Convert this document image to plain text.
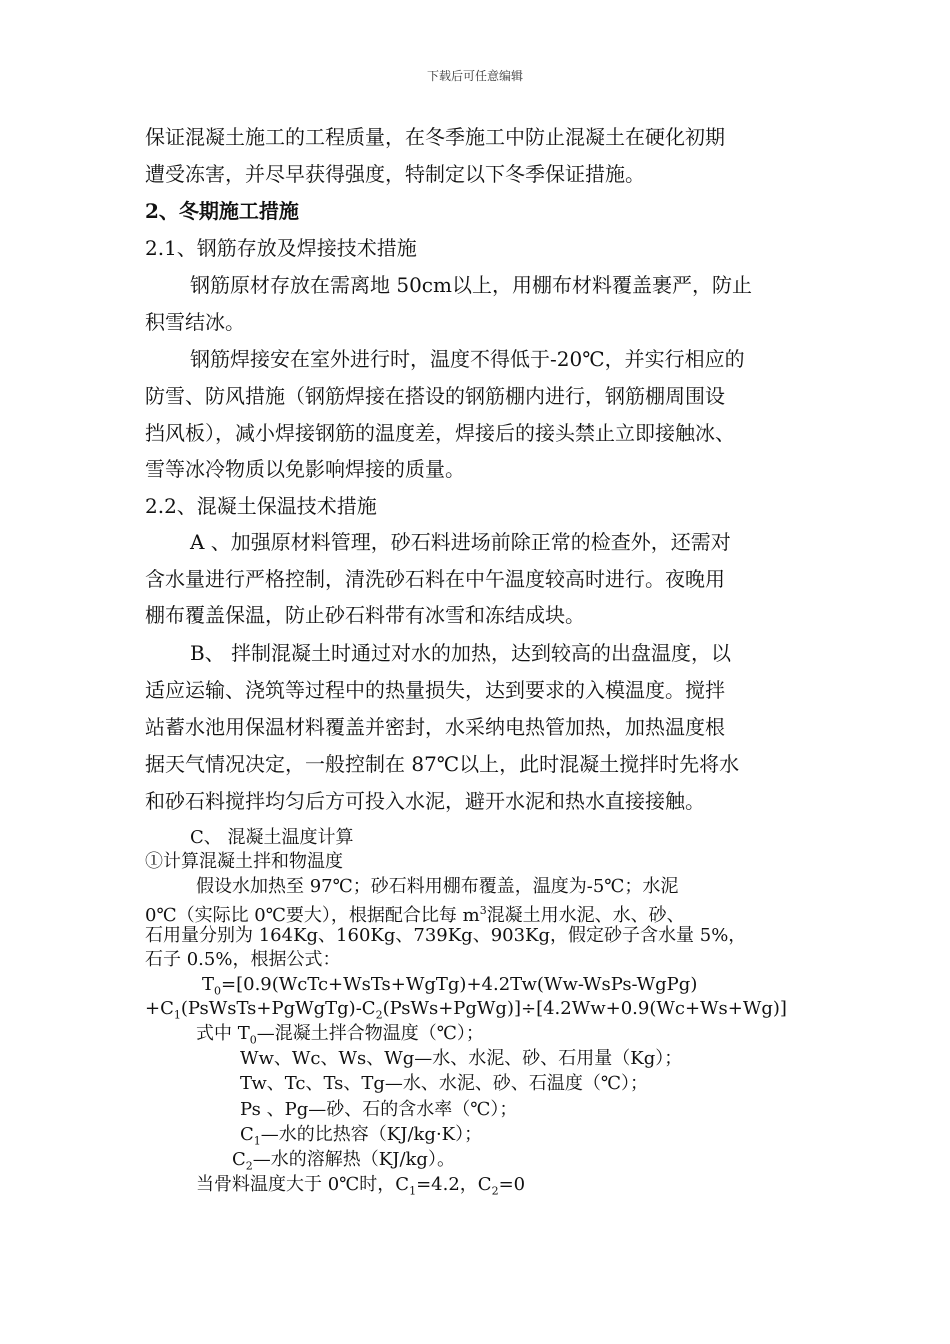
下载后可任意编辑
保证混凝土施工的工程质量，在冬季施工中防止混凝土在硬化初期
遭受冻害，并尽早获得强度，特制定以下冬季保证措施。
2、冬期施工措施
2.1、钢筋存放及焊接技术措施
钢筋原材存放在需离地 50cm以上，用棚布材料覆盖裹严，防止
积雪结冰。
钢筋焊接安在室外进行时，温度不得低于-20℃，并实行相应的
防雪、防风措施（钢筋焊接在搭设的钢筋棚内进行，钢筋棚周围设
挡风板），减小焊接钢筋的温度差，焊接后的接头禁止立即接触冰、
雪等冰冷物质以免影响焊接的质量。
2.2、混凝土保温技术措施
A 、加强原材料管理，砂石料进场前除正常的检查外，还需对
含水量进行严格控制，清洗砂石料在中午温度较高时进行。夜晚用
棚布覆盖保温，防止砂石料带有冰雪和冻结成块。
B、 拌制混凝土时通过对水的加热，达到较高的出盘温度，以
适应运输、浇筑等过程中的热量损失，达到要求的入模温度。搅拌
站蓄水池用保温材料覆盖并密封，水采纳电热管加热，加热温度根
据天气情况决定，一般控制在 87℃以上，此时混凝土搅拌时先将水
和砂石料搅拌均匀后方可投入水泥，避开水泥和热水直接接触。
C、 混凝土温度计算
①计算混凝土拌和物温度
假设水加热至 97℃；砂石料用棚布覆盖，温度为-5℃；水泥
0℃（实际比 0℃要大），根据配合比每 $m^3$混凝土用水泥、水、砂、
石用量分别为 164Kg、160Kg、739Kg、903Kg，假定砂子含水量 5%，
石子 0.5%，根据公式：
$T_0=[0.9(WcTc+WsTs+WgTg)+4.2Tw(Ww-WsPs-WgPg)$
$+C_1(PsWsTs+PgWgTg)-C_2(PsWs+PgWg)]\div[4.2Ww+0.9(Wc+Ws+Wg)]$
式中 $T_0—$混凝土拌合物温度（℃）；
Ww、Wc、Ws、Wg—水、水泥、砂、石用量（Kg）；
Tw、Tc、Ts、Tg—水、水泥、砂、石温度（℃）；
Ps 、Pg—砂、石的含水率（℃）；
$C_1—$水的比热容（KJ/kg·K）；
$C_2—$水的溶解热（KJ/kg）。
当骨料温度大于 0℃时，$C_1=4.2$，$C_2=0$
